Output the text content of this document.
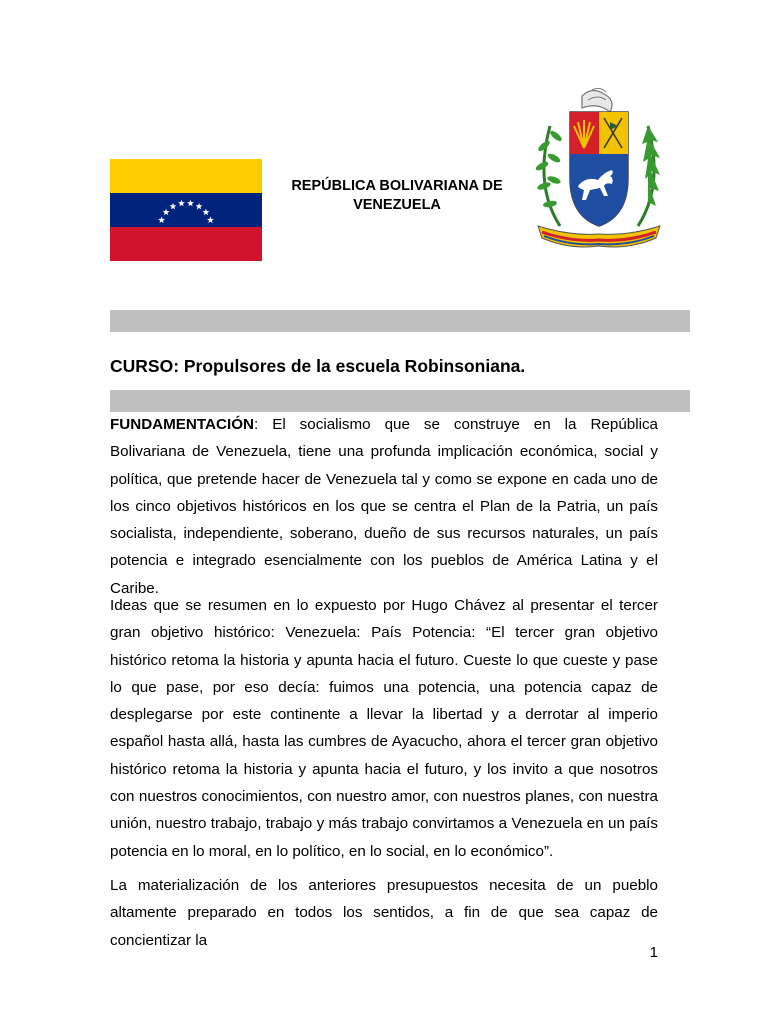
REPÚBLICA BOLIVARIANA DE VENEZUELA
CURSO: Propulsores de la escuela Robinsoniana.
FUNDAMENTACIÓN: El socialismo que se construye en la República Bolivariana de Venezuela, tiene una profunda implicación económica, social y política, que pretende hacer de Venezuela tal y como se expone en cada uno de los cinco objetivos históricos en los que se centra el Plan de la Patria, un país socialista, independiente, soberano, dueño de sus recursos naturales, un país potencia e integrado esencialmente con los pueblos de América Latina y el Caribe.
Ideas que se resumen en lo expuesto por Hugo Chávez al presentar el tercer gran objetivo histórico: Venezuela: País Potencia: “El tercer gran objetivo histórico retoma la historia y apunta hacia el futuro. Cueste lo que cueste y pase lo que pase, por eso decía: fuimos una potencia, una potencia capaz de desplegarse por este continente a llevar la libertad y a derrotar al imperio español hasta allá, hasta las cumbres de Ayacucho, ahora el tercer gran objetivo histórico retoma la historia y apunta hacia el futuro, y los invito a que nosotros con nuestros conocimientos, con nuestro amor, con nuestros planes, con nuestra unión, nuestro trabajo, trabajo y más trabajo convirtamos a Venezuela en un país potencia en lo moral, en lo político, en lo social, en lo económico”.
La materialización de los anteriores presupuestos necesita de un pueblo altamente preparado en todos los sentidos, a fin de que sea capaz de concientizar la
1
